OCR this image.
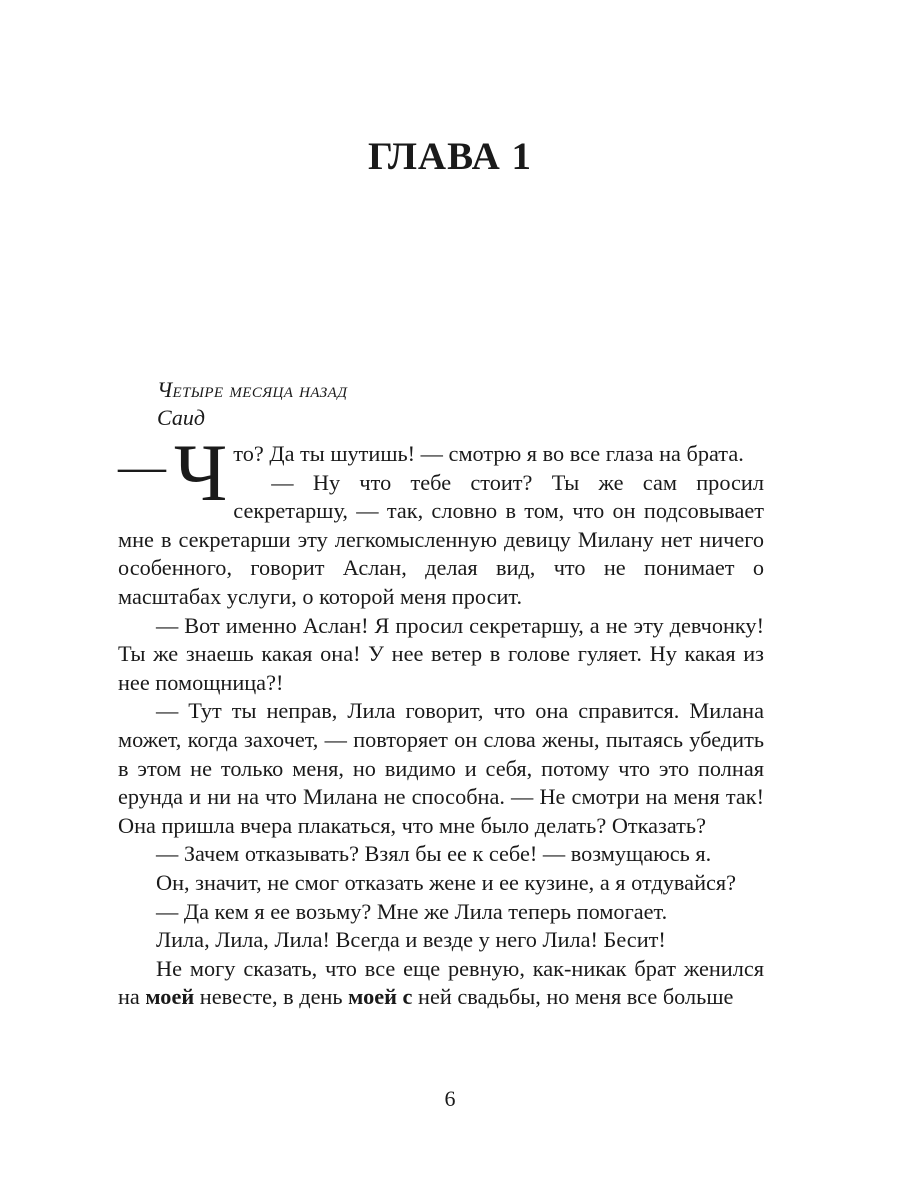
ГЛАВА 1
Четыре месяца назад
Саид

— Ч то? Да ты шутишь! — смотрю я во все глаза на брата.

— Ну что тебе стоит? Ты же сам просил секретаршу, — так, словно в том, что он подсовывает мне в секретарши эту легкомысленную девицу Милану нет ничего особенного, говорит Аслан, делая вид, что не понимает о масштабах услуги, о которой меня просит.

— Вот именно Аслан! Я просил секретаршу, а не эту девчонку! Ты же знаешь какая она! У нее ветер в голове гуляет. Ну какая из нее помощница?!

— Тут ты неправ, Лила говорит, что она справится. Милана может, когда захочет, — повторяет он слова жены, пытаясь убедить в этом не только меня, но видимо и себя, потому что это полная ерунда и ни на что Милана не способна. — Не смотри на меня так! Она пришла вчера плакаться, что мне было делать? Отказать?

— Зачем отказывать? Взял бы ее к себе! — возмущаюсь я.

Он, значит, не смог отказать жене и ее кузине, а я отдувайся?

— Да кем я ее возьму? Мне же Лила теперь помогает.

Лила, Лила, Лила! Всегда и везде у него Лила! Бесит!

Не могу сказать, что все еще ревную, как-никак брат женился на моей невесте, в день моей с ней свадьбы, но меня все больше

6
